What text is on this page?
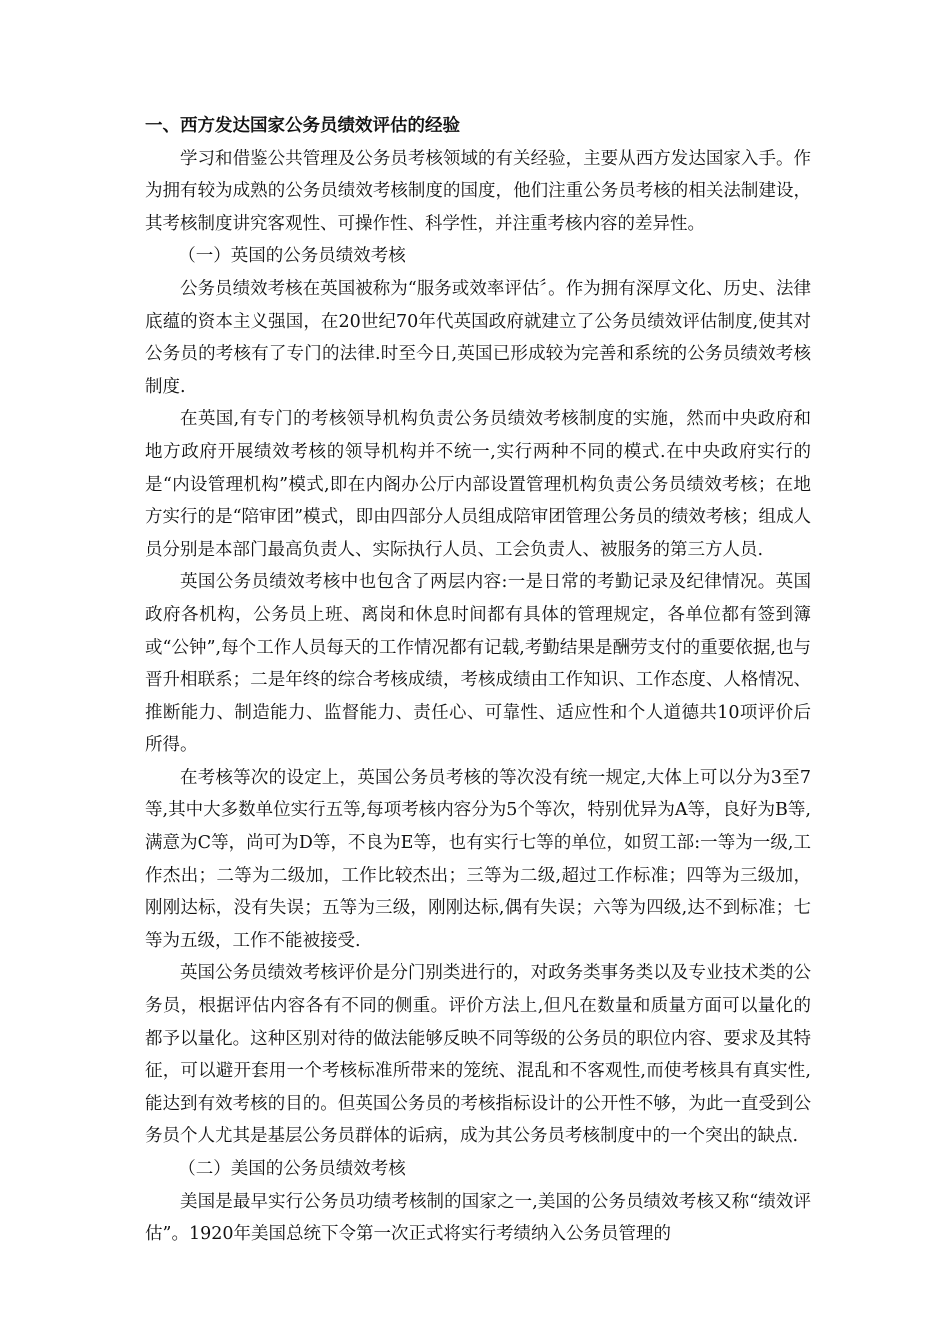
一、西方发达国家公务员绩效评估的经验

学习和借鉴公共管理及公务员考核领域的有关经验，主要从西方发达国家入手。作为拥有较为成熟的公务员绩效考核制度的国度，他们注重公务员考核的相关法制建设，其考核制度讲究客观性、可操作性、科学性，并注重考核内容的差异性。

（一）英国的公务员绩效考核

公务员绩效考核在英国被称为“服务或效率评估〞。作为拥有深厚文化、历史、法律底蕴的资本主义强国，在20世纪70年代英国政府就建立了公务员绩效评估制度,使其对公务员的考核有了专门的法律.时至今日,英国已形成较为完善和系统的公务员绩效考核制度.

在英国,有专门的考核领导机构负责公务员绩效考核制度的实施，然而中央政府和地方政府开展绩效考核的领导机构并不统一,实行两种不同的模式.在中央政府实行的是“内设管理机构”模式,即在内阁办公厅内部设置管理机构负责公务员绩效考核；在地方实行的是“陪审团”模式，即由四部分人员组成陪审团管理公务员的绩效考核；组成人员分别是本部门最高负责人、实际执行人员、工会负责人、被服务的第三方人员.

英国公务员绩效考核中也包含了两层内容:一是日常的考勤记录及纪律情况。英国政府各机构，公务员上班、离岗和休息时间都有具体的管理规定，各单位都有签到簿或“公钟”,每个工作人员每天的工作情况都有记载,考勤结果是酬劳支付的重要依据,也与晋升相联系；二是年终的综合考核成绩，考核成绩由工作知识、工作态度、人格情况、推断能力、制造能力、监督能力、责任心、可靠性、适应性和个人道德共10项评价后所得。

在考核等次的设定上，英国公务员考核的等次没有统一规定,大体上可以分为3至7等,其中大多数单位实行五等,每项考核内容分为5个等次，特别优异为A等，良好为B等,满意为C等，尚可为D等，不良为E等，也有实行七等的单位，如贸工部:一等为一级,工作杰出；二等为二级加，工作比较杰出；三等为二级,超过工作标准；四等为三级加，刚刚达标，没有失误；五等为三级，刚刚达标,偶有失误；六等为四级,达不到标准；七等为五级，工作不能被接受.

英国公务员绩效考核评价是分门别类进行的，对政务类事务类以及专业技术类的公务员，根据评估内容各有不同的侧重。评价方法上,但凡在数量和质量方面可以量化的都予以量化。这种区别对待的做法能够反映不同等级的公务员的职位内容、要求及其特征，可以避开套用一个考核标准所带来的笼统、混乱和不客观性,而使考核具有真实性,能达到有效考核的目的。但英国公务员的考核指标设计的公开性不够，为此一直受到公务员个人尤其是基层公务员群体的诟病，成为其公务员考核制度中的一个突出的缺点.

（二）美国的公务员绩效考核

美国是最早实行公务员功绩考核制的国家之一,美国的公务员绩效考核又称“绩效评估”。1920年美国总统下令第一次正式将实行考绩纳入公务员管理的
